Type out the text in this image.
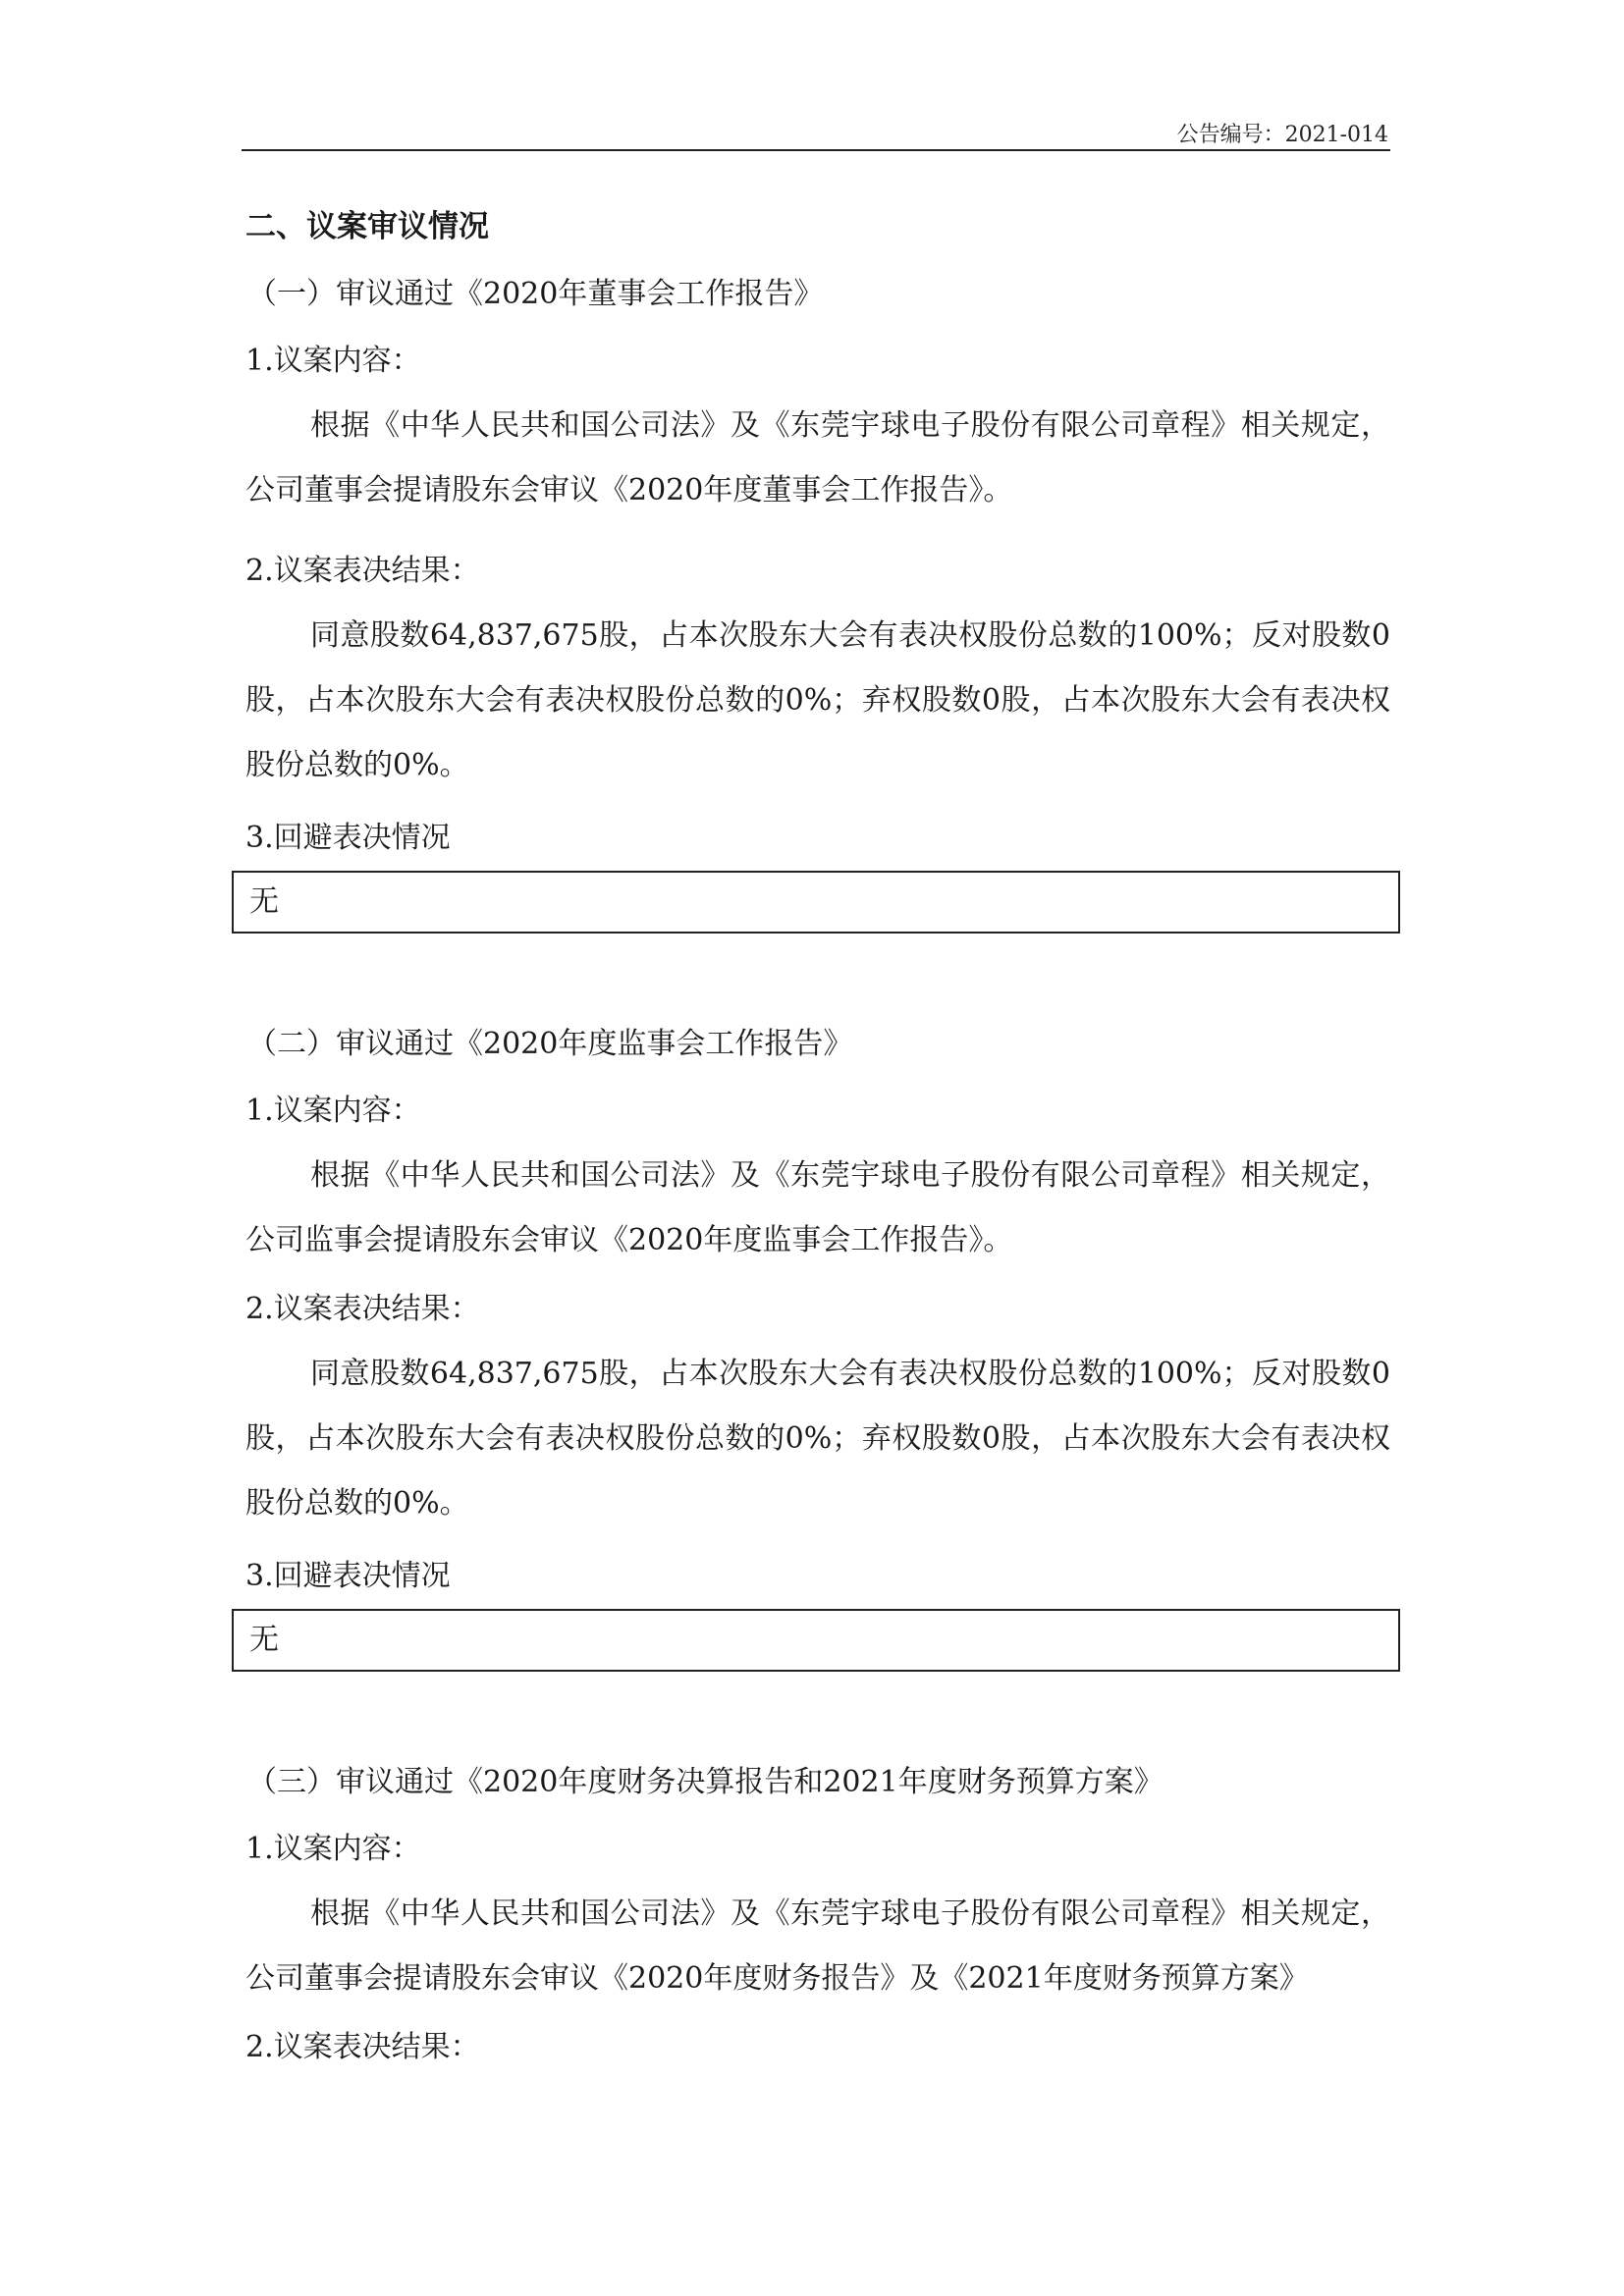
公告编号：2021-014
二、议案审议情况
（一）审议通过《2020年董事会工作报告》
1.议案内容：
根据《中华人民共和国公司法》及《东莞宇球电子股份有限公司章程》相关规定，公司董事会提请股东会审议《2020年度董事会工作报告》。
2.议案表决结果：
同意股数64,837,675股，占本次股东大会有表决权股份总数的100%；反对股数0股，占本次股东大会有表决权股份总数的0%；弃权股数0股，占本次股东大会有表决权股份总数的0%。
3.回避表决情况
无
（二）审议通过《2020年度监事会工作报告》
1.议案内容：
根据《中华人民共和国公司法》及《东莞宇球电子股份有限公司章程》相关规定，公司监事会提请股东会审议《2020年度监事会工作报告》。
2.议案表决结果：
同意股数64,837,675股，占本次股东大会有表决权股份总数的100%；反对股数0股，占本次股东大会有表决权股份总数的0%；弃权股数0股，占本次股东大会有表决权股份总数的0%。
3.回避表决情况
无
（三）审议通过《2020年度财务决算报告和2021年度财务预算方案》
1.议案内容：
根据《中华人民共和国公司法》及《东莞宇球电子股份有限公司章程》相关规定，公司董事会提请股东会审议《2020年度财务报告》及《2021年度财务预算方案》
2.议案表决结果：
